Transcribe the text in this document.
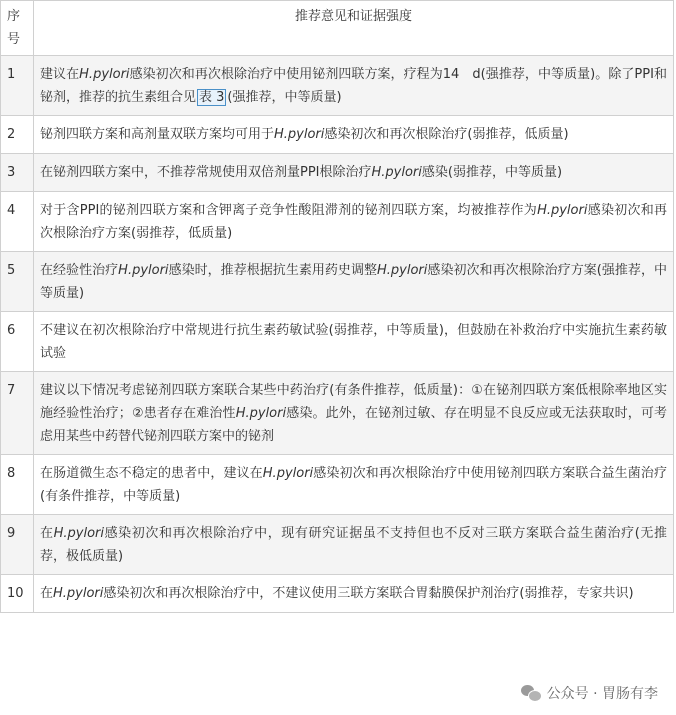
序号	推荐意见和证据强度
1	建议在H.pylori感染初次和再次根除治疗中使用铋剂四联方案，疗程为14　d(强推荐，中等质量)。除了PPI和铋剂，推荐的抗生素组合见 表 3 (强推荐，中等质量)
2	铋剂四联方案和高剂量双联方案均可用于H.pylori感染初次和再次根除治疗(弱推荐，低质量)
3	在铋剂四联方案中，不推荐常规使用双倍剂量PPI根除治疗H.pylori感染(弱推荐，中等质量)
4	对于含PPI的铋剂四联方案和含钾离子竞争性酸阻滞剂的铋剂四联方案，均被推荐作为H.pylori感染初次和再次根除治疗方案(弱推荐，低质量)
5	在经验性治疗H.pylori感染时，推荐根据抗生素用药史调整H.pylori感染初次和再次根除治疗方案(强推荐，中等质量)
6	不建议在初次根除治疗中常规进行抗生素药敏试验(弱推荐，中等质量)，但鼓励在补救治疗中实施抗生素药敏试验
7	建议以下情况考虑铋剂四联方案联合某些中药治疗(有条件推荐，低质量)：①在铋剂四联方案低根除率地区实施经验性治疗；②患者存在难治性H.pylori感染。此外，在铋剂过敏、存在明显不良反应或无法获取时，可考虑用某些中药替代铋剂四联方案中的铋剂
8	在肠道微生态不稳定的患者中，建议在H.pylori感染初次和再次根除治疗中使用铋剂四联方案联合益生菌治疗(有条件推荐，中等质量)
9	在H.pylori感染初次和再次根除治疗中，现有研究证据虽不支持但也不反对三联方案联合益生菌治疗(无推荐，极低质量)
10	在H.pylori感染初次和再次根除治疗中，不建议使用三联方案联合胃黏膜保护剂治疗(弱推荐，专家共识)
公众号 · 胃肠有李
